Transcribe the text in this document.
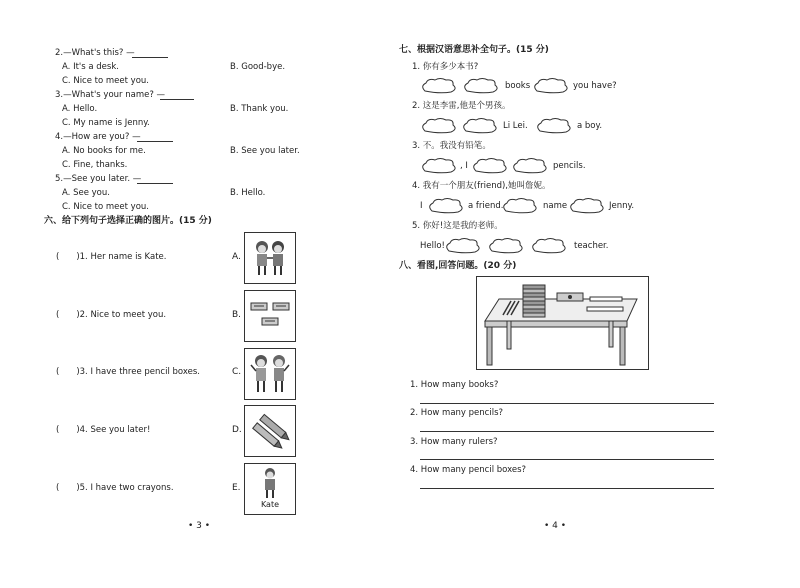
2.—What's this? —
A. It's a desk.	B. Good-bye.
C. Nice to meet you.
3.—What's your name? —
A. Hello.	B. Thank you.
C. My name is Jenny.
4.—How are you? —
A. No books for me.	B. See you later.
C. Fine, thanks.
5.—See you later. —
A. See you.	B. Hello.
C. Nice to meet you.
六、给下列句子选择正确的图片。(15 分)
(　　)1. Her name is Kate.
(　　)2. Nice to meet you.
(　　)3. I have three pencil boxes.
(　　)4. See you later!
(　　)5. I have two crayons.
A.
B.
C.
D.
E.
Kate
• 3 •
七、根据汉语意思补全句子。(15 分)
1. 你有多少本书?
books	you have?
2. 这是李雷,他是个男孩。
Li Lei.	a boy.
3. 不。我没有铅笔。
, I	pencils.
4. 我有一个朋友(friend),她叫詹妮。
I	a friend.	name	Jenny.
5. 你好!这是我的老师。
Hello!	teacher.
八、看图,回答问题。(20 分)
1. How many books?
2. How many pencils?
3. How many rulers?
4. How many pencil boxes?
• 4 •
